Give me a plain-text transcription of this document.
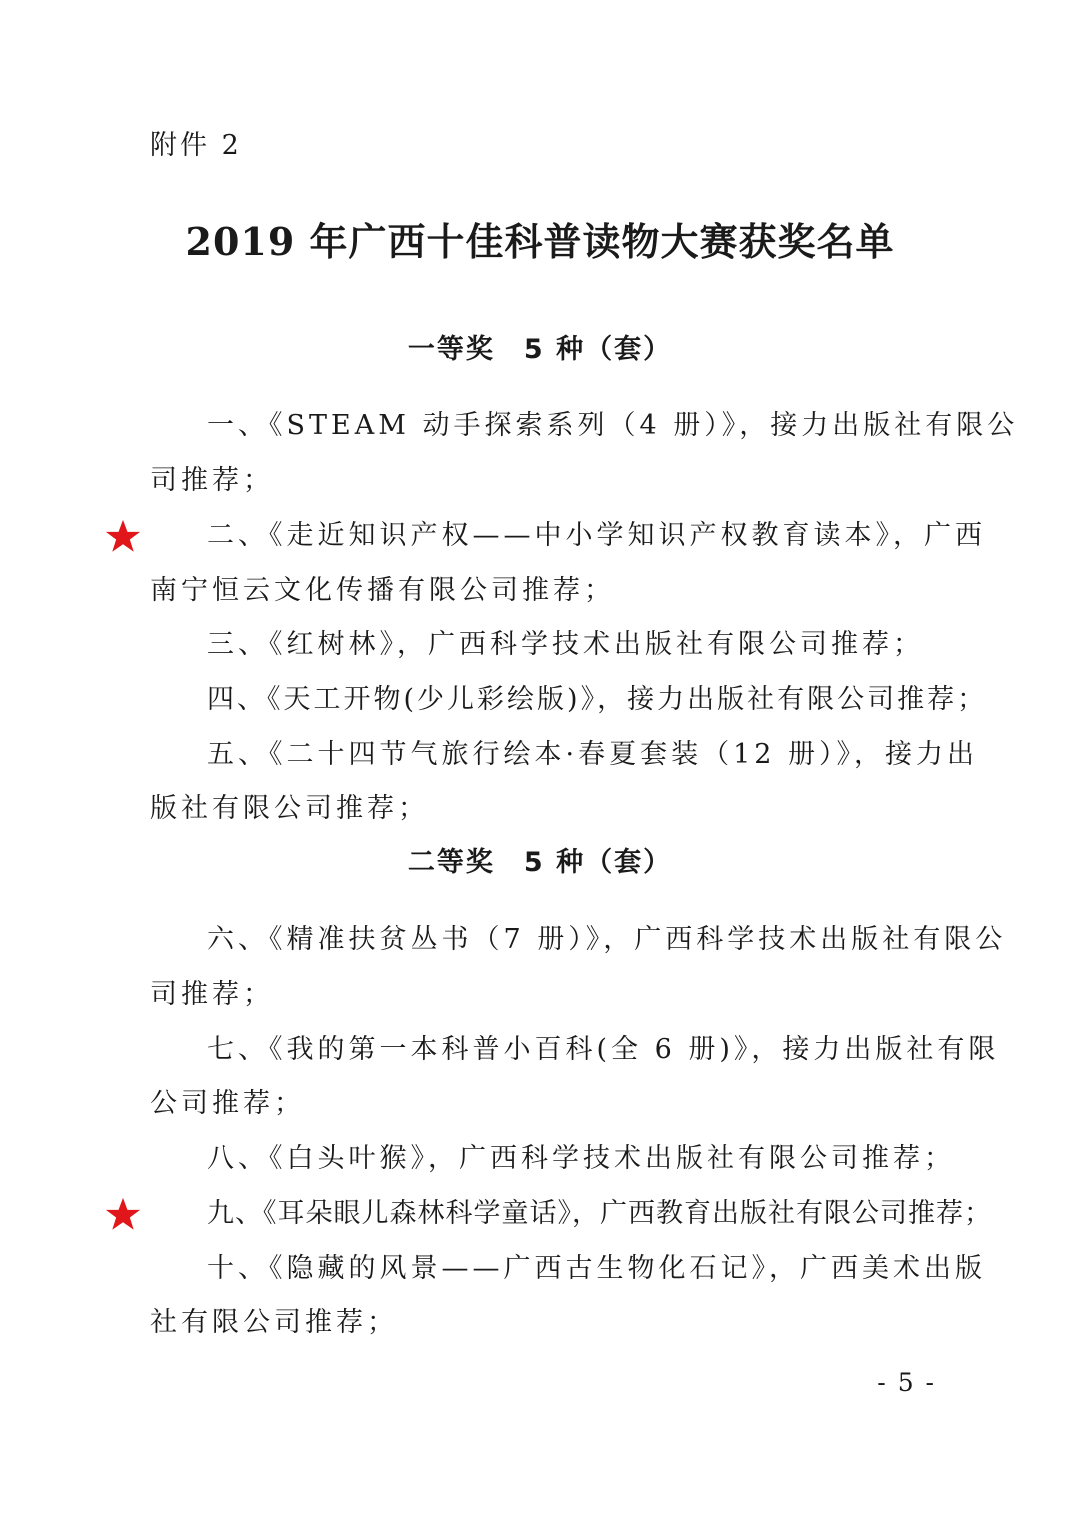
附件 2
2019 年广西十佳科普读物大赛获奖名单
一等奖　5 种（套）
一、《STEAM 动手探索系列（4 册）》，接力出版社有限公
司推荐；
二、《走近知识产权——中小学知识产权教育读本》，广西
南宁恒云文化传播有限公司推荐；
三、《红树林》，广西科学技术出版社有限公司推荐；
四、《天工开物(少儿彩绘版)》，接力出版社有限公司推荐；
五、《二十四节气旅行绘本·春夏套装（12 册）》，接力出
版社有限公司推荐；
二等奖　5 种（套）
六、《精准扶贫丛书（7 册）》，广西科学技术出版社有限公
司推荐；
七、《我的第一本科普小百科(全 6 册)》，接力出版社有限
公司推荐；
八、《白头叶猴》，广西科学技术出版社有限公司推荐；
九、《耳朵眼儿森林科学童话》，广西教育出版社有限公司推荐；
十、《隐藏的风景——广西古生物化石记》，广西美术出版
社有限公司推荐；
- 5 -
